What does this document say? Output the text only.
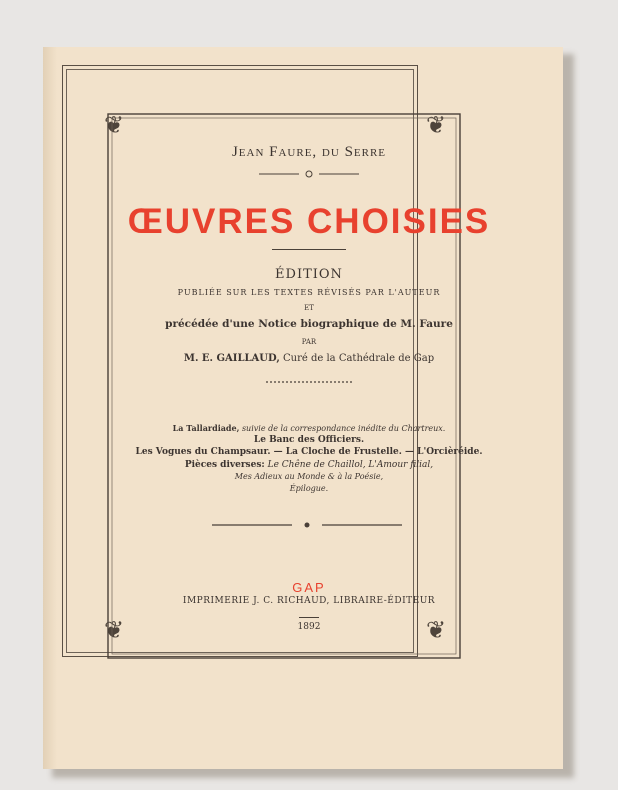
❦	❦
❦	❦
Jean Faure, du Serre
ŒUVRES CHOISIES
ÉDITION
PUBLIÉE SUR LES TEXTES RÉVISÉS PAR L'AUTEUR
ET
précédée d'une Notice biographique de M. Faure
PAR
M. E. GAILLAUD, Curé de la Cathédrale de Gap
La Tallardiade, suivie de la correspondance inédite du Chartreux.
Le Banc des Officiers.
Les Vogues du Champsaur. — La Cloche de Frustelle. — L'Orcièréide.
Pièces diverses: Le Chêne de Chaillol, L'Amour filial,
Mes Adieux au Monde & à la Poésie,
Épilogue.
GAP
IMPRIMERIE J. C. RICHAUD, LIBRAIRE-ÉDITEUR
1892
